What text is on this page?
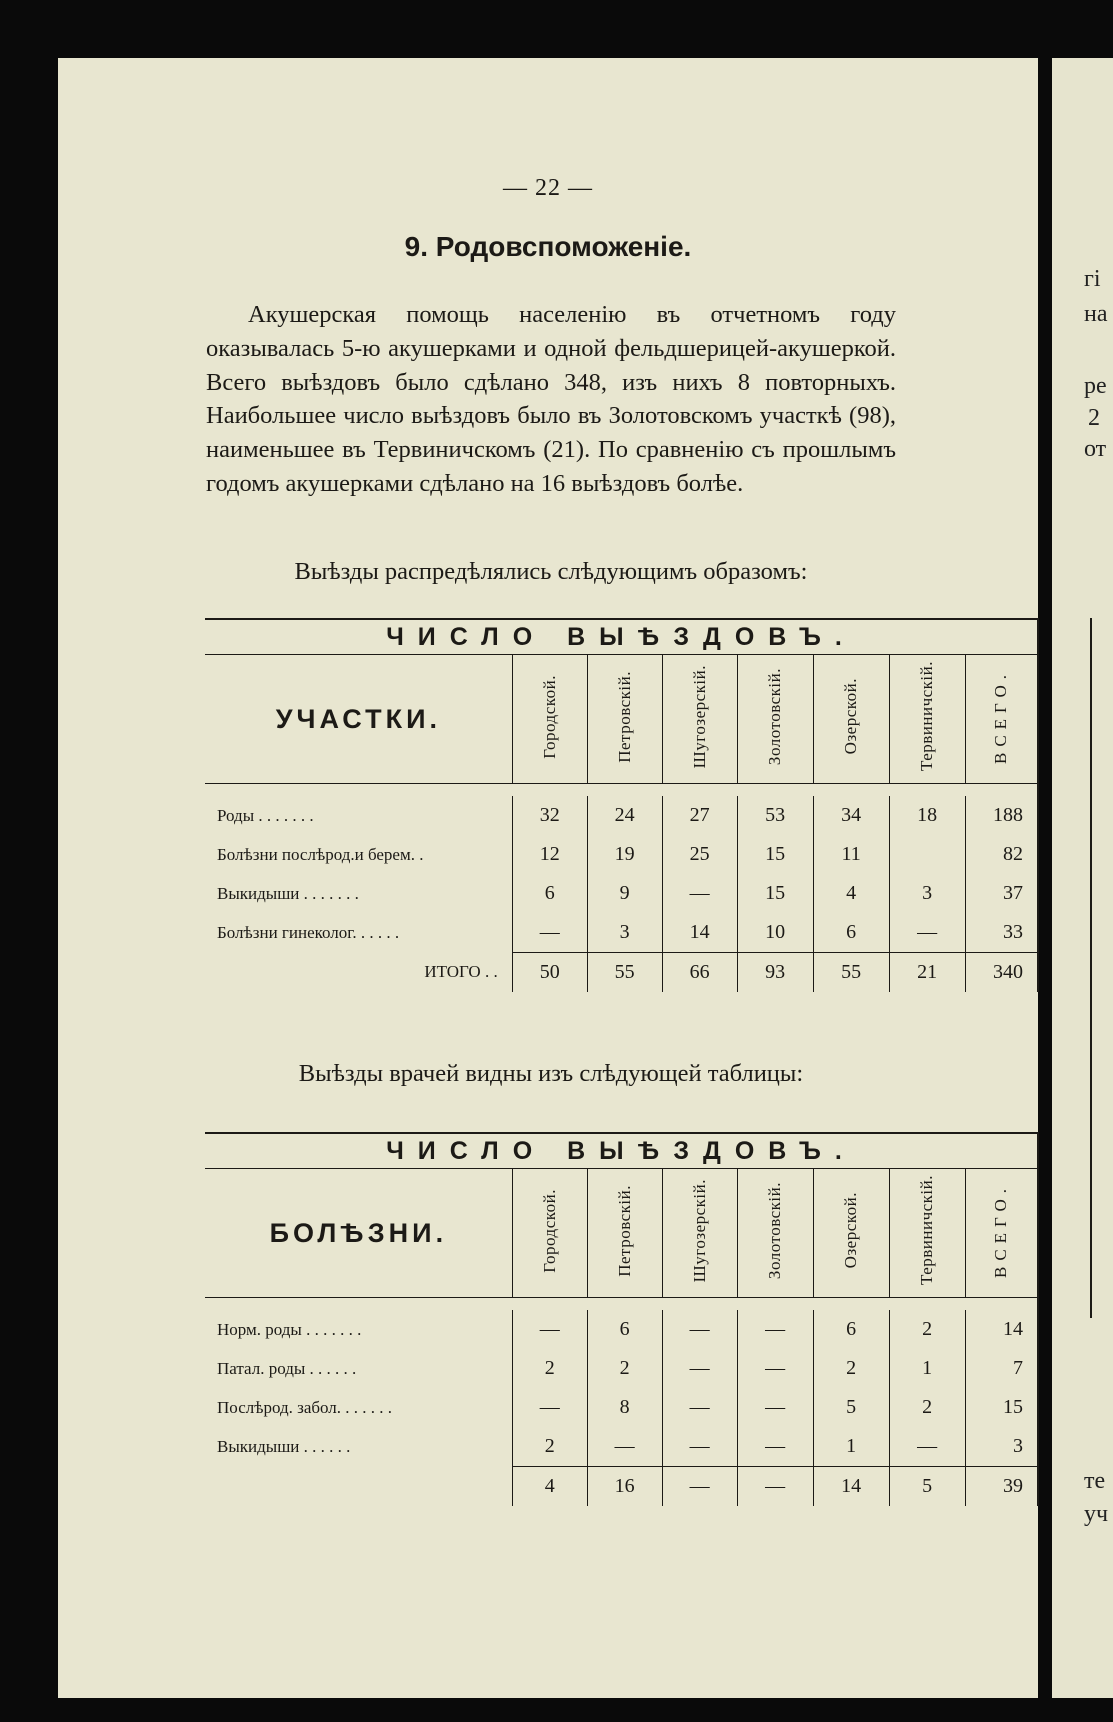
— 22 —
9. Родовспоможеніе.
Акушерская помощь населенію въ отчетномъ году оказывалась 5-ю акушерками и одной фельдшерицей-акушеркой. Всего выѣздовъ было сдѣлано 348, изъ нихъ 8 повторныхъ. Наибольшее число выѣздовъ было въ Золотовскомъ участкѣ (98), наименьшее въ Тервиничскомъ (21). По сравненію съ прошлымъ годомъ акушерками сдѣлано на 16 выѣздовъ болѣе.
Выѣзды распредѣлялись слѣдующимъ образомъ:
ЧИСЛО ВЫѢЗДОВЪ.							
УЧАСТКИ.	Городской.	Петровскій.	Шугозерскій.	Золотовскій.	Озерской.	Тервиничскій.	ВСЕГО.

Роды . . . . . . .	32	24	27	53	34	18	188
Болѣзни послѣрод.и берем. .	12	19	25	15	11		82
Выкидыши . . . . . . .	6	9	—	15	4	3	37
Болѣзни гинеколог. . . . . .	—	3	14	10	6	—	33
ИТОГО . .	50	55	66	93	55	21	340
Выѣзды врачей видны изъ слѣдующей таблицы:
ЧИСЛО ВЫѢЗДОВЪ.							
БОЛѢЗНИ.	Городской.	Петровскій.	Шугозерскій.	Золотовскій.	Озерской.	Тервиничскій.	ВСЕГО.

Норм. роды . . . . . . .	—	6	—	—	6	2	14
Патал. роды . . . . . .	2	2	—	—	2	1	7
Послѣрод. забол. . . . . . .	—	8	—	—	5	2	15
Выкидыши . . . . . .	2	—	—	—	1	—	3
	4	16	—	—	14	5	39
гі
на
ре
2
от
те
уч
